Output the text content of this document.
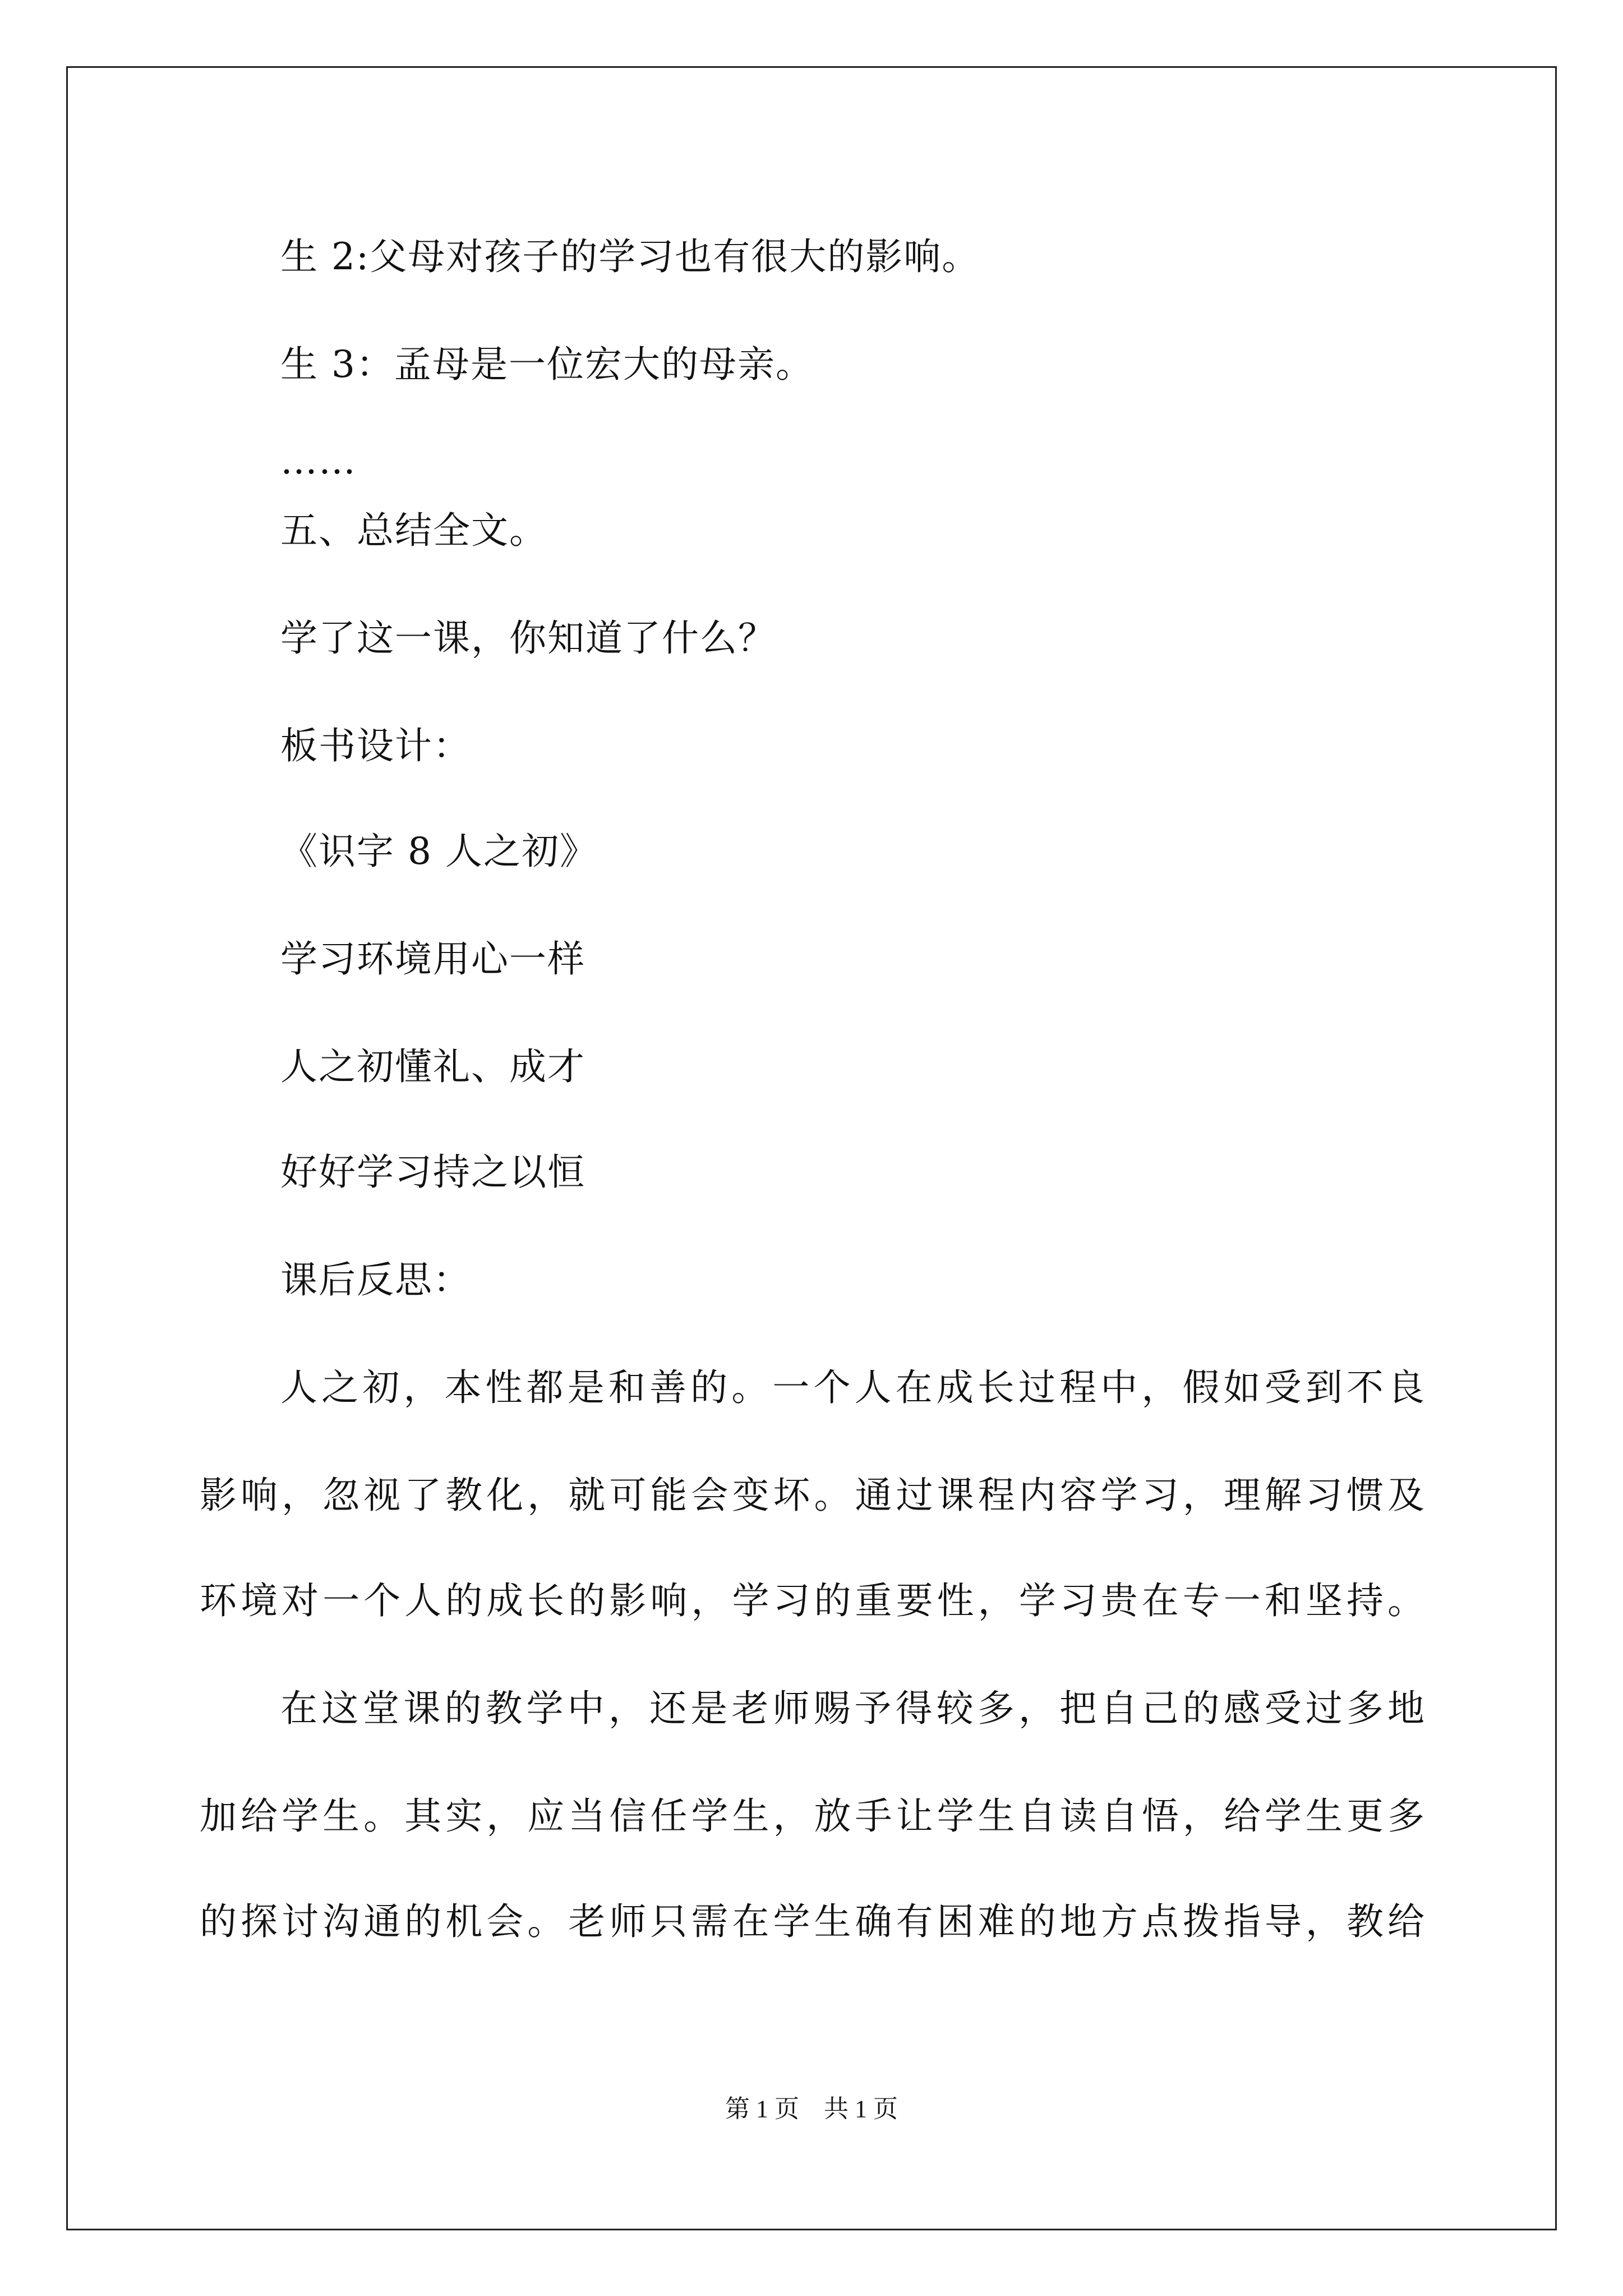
生 2:父母对孩子的学习也有很大的影响。
生 3：孟母是一位宏大的母亲。
……
五、总结全文。
学了这一课，你知道了什么？
板书设计：
《识字 8 人之初》
学习环境用心一样
人之初懂礼、成才
好好学习持之以恒
课后反思：
人之初，本性都是和善的。一个人在成长过程中，假如受到不良
影响，忽视了教化，就可能会变坏。通过课程内容学习，理解习惯及
环境对一个人的成长的影响，学习的重要性，学习贵在专一和坚持。
在这堂课的教学中，还是老师赐予得较多，把自己的感受过多地
加给学生。其实，应当信任学生，放手让学生自读自悟，给学生更多
的探讨沟通的机会。老师只需在学生确有困难的地方点拨指导，教给
第 1 页　共 1 页
